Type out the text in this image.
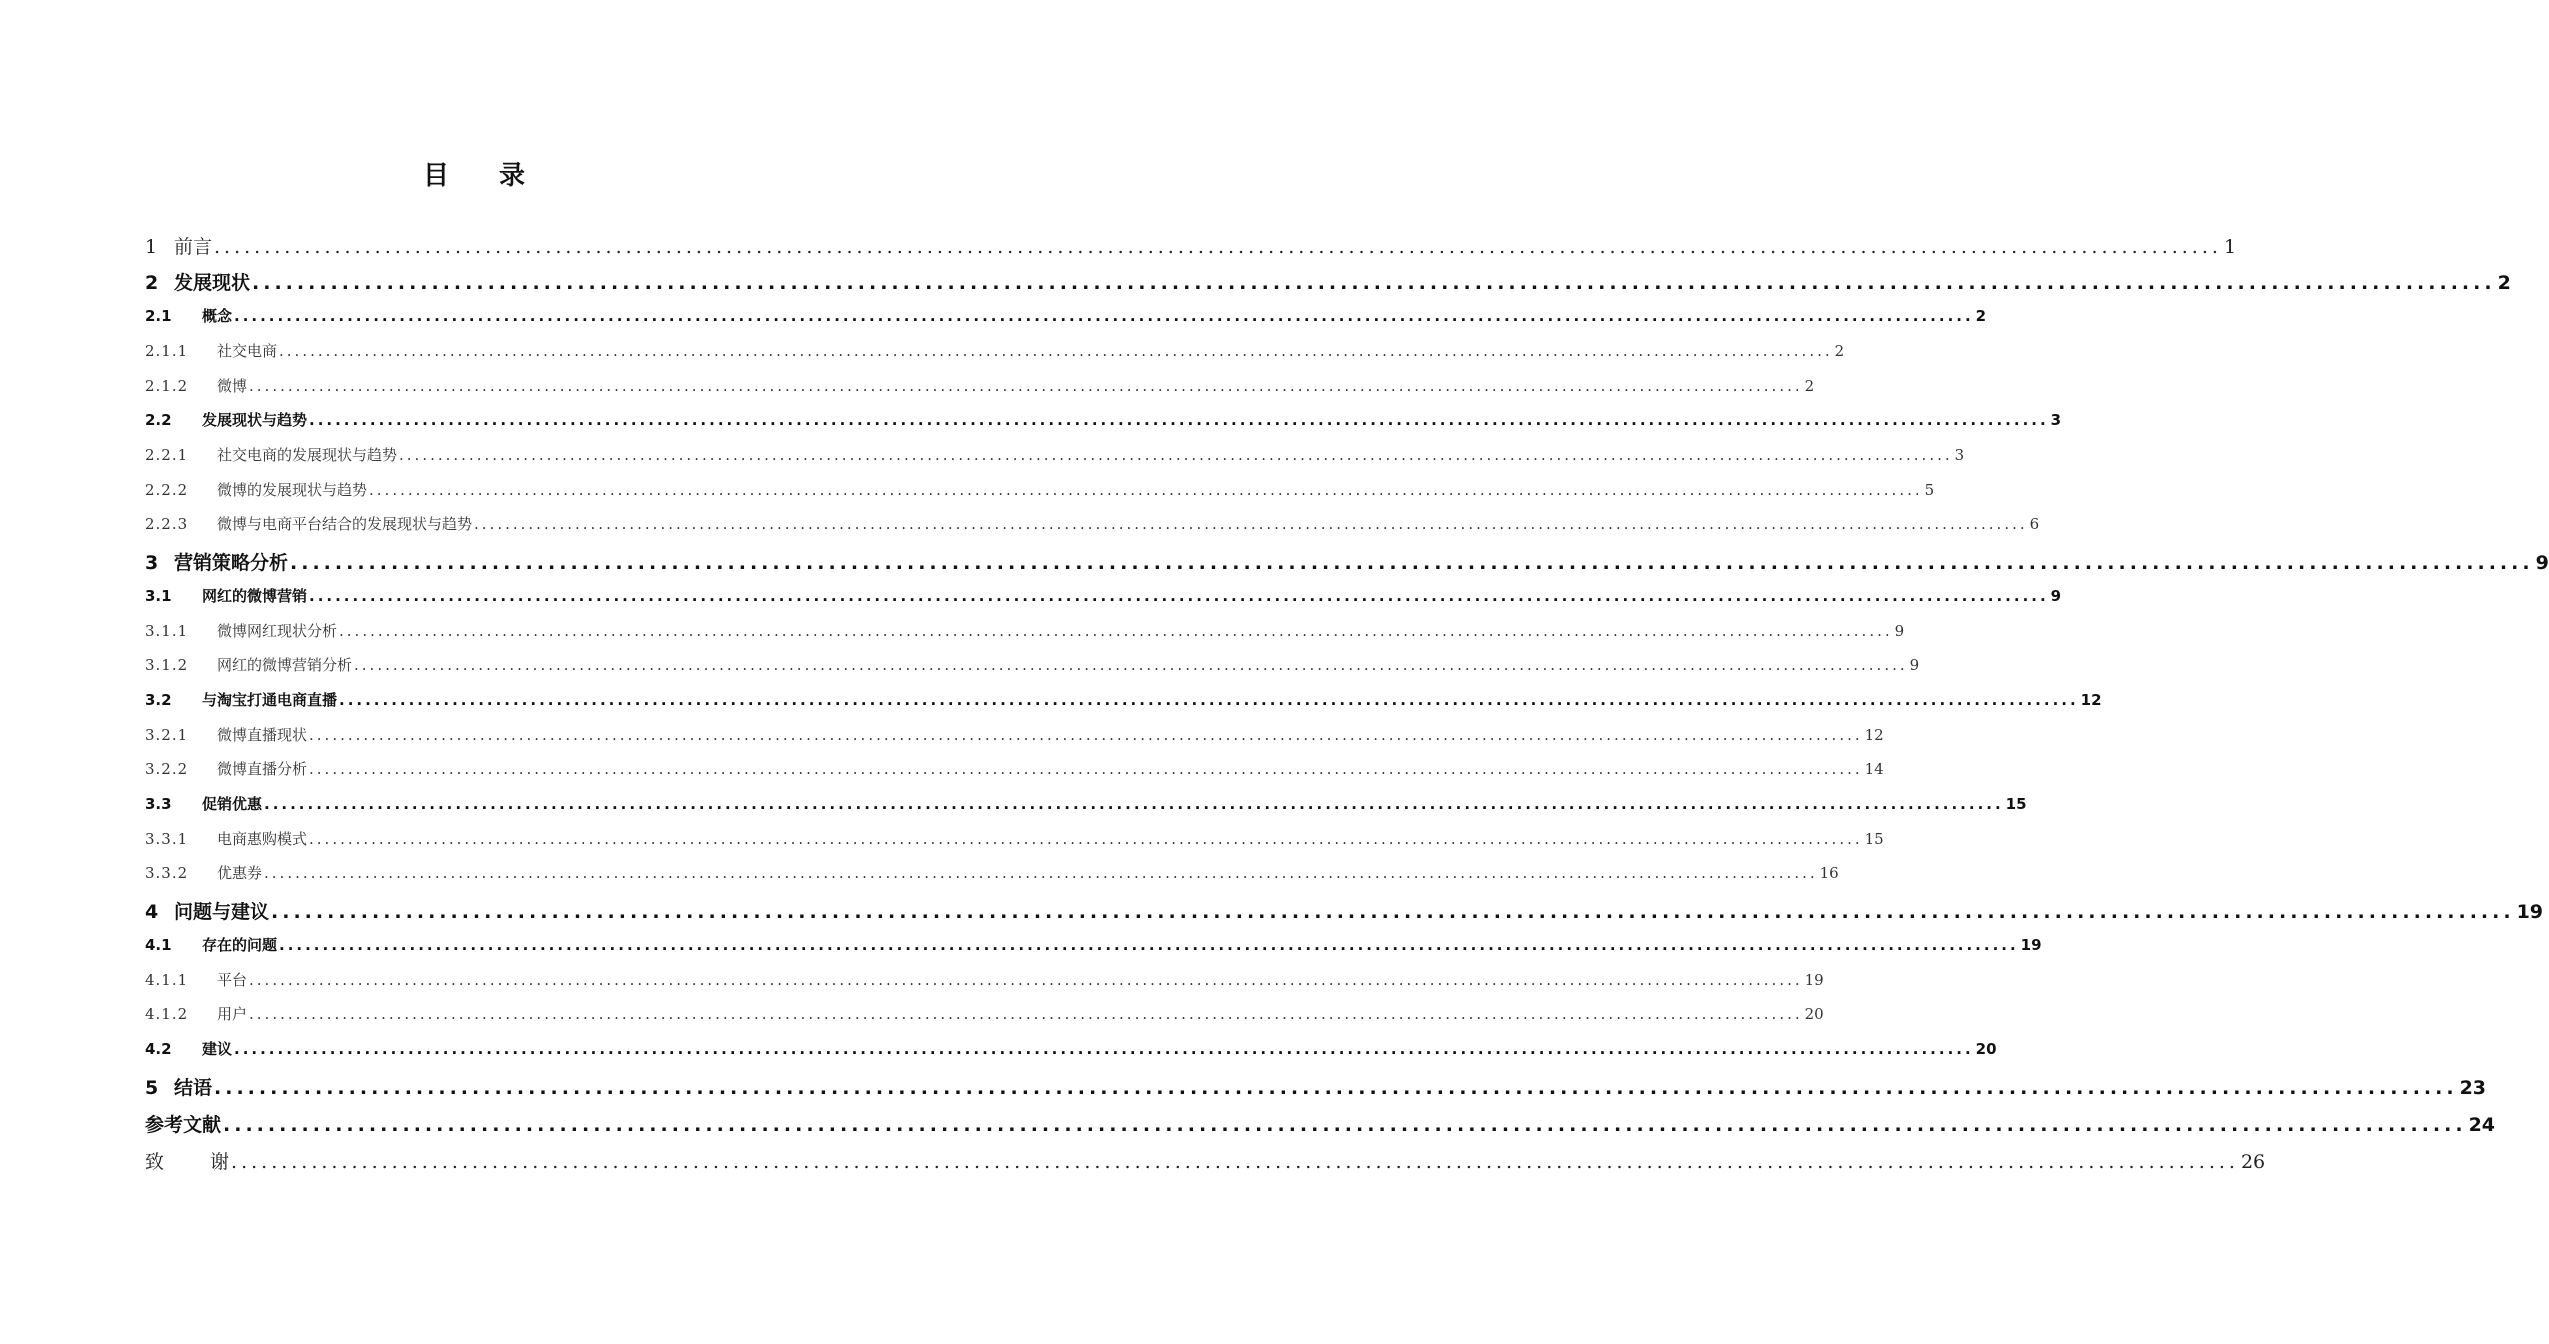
目 录
1 前言 ........................................................................................................................................................................................................ 1
2 发展现状 ........................................................................................................................................................................................................ 2
2.1	概念 ........................................................................................................................................................................................................ 2
2.1.1	社交电商 ........................................................................................................................................................................................................ 2
2.1.2	微博 ........................................................................................................................................................................................................ 2
2.2	发展现状与趋势 ........................................................................................................................................................................................................ 3
2.2.1	社交电商的发展现状与趋势 ........................................................................................................................................................................................................ 3
2.2.2	微博的发展现状与趋势 ........................................................................................................................................................................................................ 5
2.2.3	微博与电商平台结合的发展现状与趋势 ........................................................................................................................................................................................................ 6
3 营销策略分析 ........................................................................................................................................................................................................ 9
3.1	网红的微博营销 ........................................................................................................................................................................................................ 9
3.1.1	微博网红现状分析 ........................................................................................................................................................................................................ 9
3.1.2	网红的微博营销分析 ........................................................................................................................................................................................................ 9
3.2	与淘宝打通电商直播 ........................................................................................................................................................................................................ 12
3.2.1	微博直播现状 ........................................................................................................................................................................................................ 12
3.2.2	微博直播分析 ........................................................................................................................................................................................................ 14
3.3	促销优惠 ........................................................................................................................................................................................................ 15
3.3.1	电商惠购模式 ........................................................................................................................................................................................................ 15
3.3.2	优惠券 ........................................................................................................................................................................................................ 16
4 问题与建议 ........................................................................................................................................................................................................ 19
4.1	存在的问题 ........................................................................................................................................................................................................ 19
4.1.1	平台 ........................................................................................................................................................................................................ 19
4.1.2	用户 ........................................................................................................................................................................................................ 20
4.2	建议 ........................................................................................................................................................................................................ 20
5 结语 ........................................................................................................................................................................................................ 23
参考文献 ........................................................................................................................................................................................................ 24
致 谢 ........................................................................................................................................................................................................ 26
